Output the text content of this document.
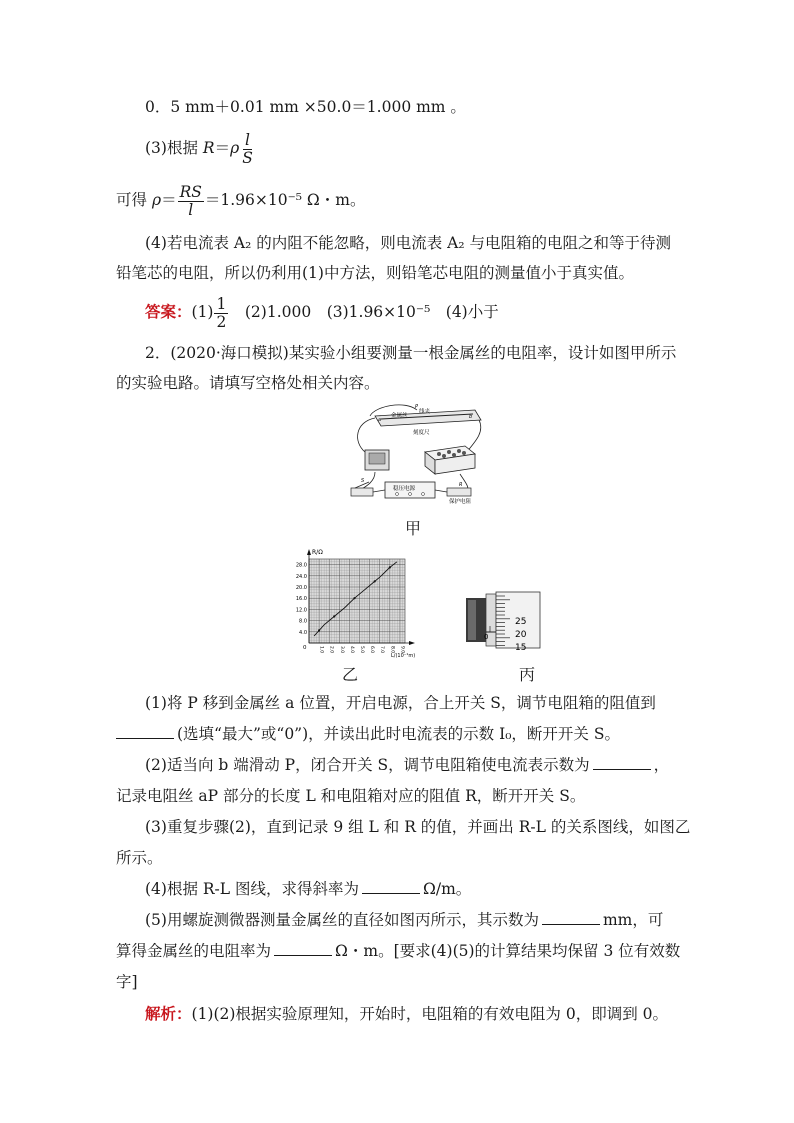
0．5 mm＋0.01 mm ×50.0＝1.000 mm 。
(3)根据 $R=\rho \frac{l}{S}$
可得 $\rho= \frac{RS}{l} =1.96\times 10^{-5}$ Ω・m。
(4)若电流表 A₂ 的内阻不能忽略，则电流表 A₂ 与电阻箱的电阻之和等于待测
铅笔芯的电阻，所以仍利用(1)中方法，则铅笔芯电阻的测量值小于真实值。
答案：$(1) \frac{1}{2}$
　 (2)1.000　(3)1.96×10⁻⁵　(4)小于
2．(2020·海口模拟)某实验小组要测量一根金属丝的电阻率，设计如图甲所示
的实验电路。请填写空格处相关内容。
金属丝
线夹
刻度尺
a	b
P
稳压电源
S
R
保护电阻
甲
R/Ω
L/(10⁻¹m)
0
4.0
8.0
12.0
16.0
20.0
24.0
28.0
1.0 2.0 3.0 4.0 5.0 6.0 7.0 8.0 9.0
乙
0
25
20
15
丙
(1)将 P 移到金属丝 a 位置，开启电源，合上开关 S，调节电阻箱的阻值到
(选填“最大”或“0”)，并读出此时电流表的示数 I₀，断开开关 S。
(2)适当向 b 端滑动 P，闭合开关 S，调节电阻箱使电流表示数为	，
记录电阻丝 aP 部分的长度 L 和电阻箱对应的阻值 R，断开开关 S。
(3)重复步骤(2)，直到记录 9 组 L 和 R 的值，并画出 R-L 的关系图线，如图乙
所示。
(4)根据 R-L 图线，求得斜率为	Ω/m。
(5)用螺旋测微器测量金属丝的直径如图丙所示，其示数为	mm，可
算得金属丝的电阻率为	Ω・m。[要求(4)(5)的计算结果均保留 3 位有效数
字]
解析：(1)(2)根据实验原理知，开始时，电阻箱的有效电阻为 0，即调到 0。
